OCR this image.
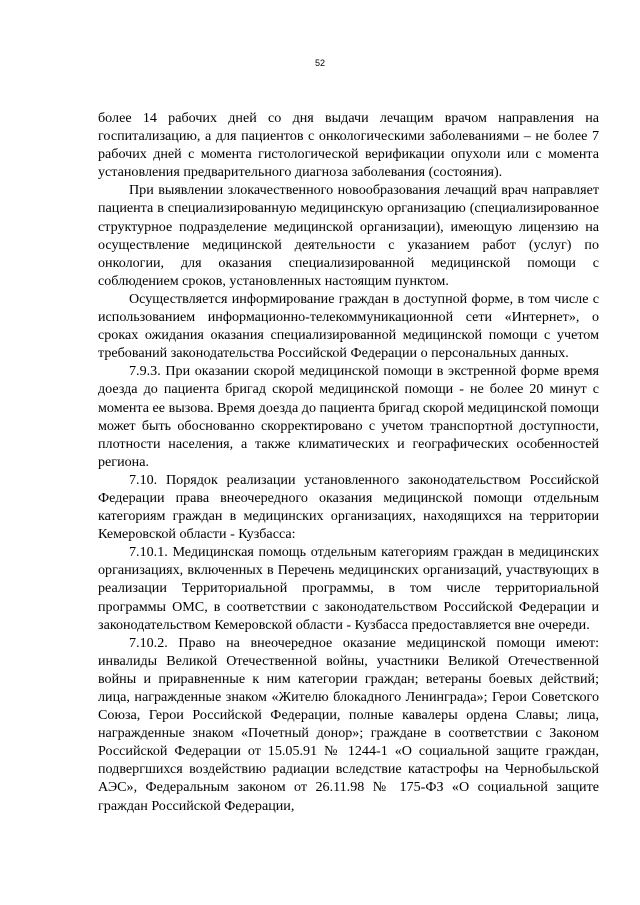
52

более 14 рабочих дней со дня выдачи лечащим врачом направления на госпитализацию, а для пациентов с онкологическими заболеваниями – не более 7 рабочих дней с момента гистологической верификации опухоли или с момента установления предварительного диагноза заболевания (состояния).

При выявлении злокачественного новообразования лечащий врач направляет пациента в специализированную медицинскую организацию (специализированное структурное подразделение медицинской организации), имеющую лицензию на осуществление медицинской деятельности с указанием работ (услуг) по онкологии, для оказания специализированной медицинской помощи с соблюдением сроков, установленных настоящим пунктом.

Осуществляется информирование граждан в доступной форме, в том числе с использованием информационно-телекоммуникационной сети «Интернет», о сроках ожидания оказания специализированной медицинской помощи с учетом требований законодательства Российской Федерации о персональных данных.

7.9.3. При оказании скорой медицинской помощи в экстренной форме время доезда до пациента бригад скорой медицинской помощи - не более 20 минут с момента ее вызова. Время доезда до пациента бригад скорой медицинской помощи может быть обоснованно скорректировано с учетом транспортной доступности, плотности населения, а также климатических и географических особенностей региона.

7.10. Порядок реализации установленного законодательством Российской Федерации права внеочередного оказания медицинской помощи отдельным категориям граждан в медицинских организациях, находящихся на территории Кемеровской области - Кузбасса:

7.10.1. Медицинская помощь отдельным категориям граждан в медицинских организациях, включенных в Перечень медицинских организаций, участвующих в реализации Территориальной программы, в том числе территориальной программы ОМС, в соответствии с законодательством Российской Федерации и законодательством Кемеровской области - Кузбасса предоставляется вне очереди.

7.10.2. Право на внеочередное оказание медицинской помощи имеют: инвалиды Великой Отечественной войны, участники Великой Отечественной войны и приравненные к ним категории граждан; ветераны боевых действий; лица, награжденные знаком «Жителю блокадного Ленинграда»; Герои Советского Союза, Герои Российской Федерации, полные кавалеры ордена Славы; лица, награжденные знаком «Почетный донор»; граждане в соответствии с Законом Российской Федерации от 15.05.91 № 1244-1 «О социальной защите граждан, подвергшихся воздействию радиации вследствие катастрофы на Чернобыльской АЭС», Федеральным законом от 26.11.98 № 175-ФЗ «О социальной защите граждан Российской Федерации,
